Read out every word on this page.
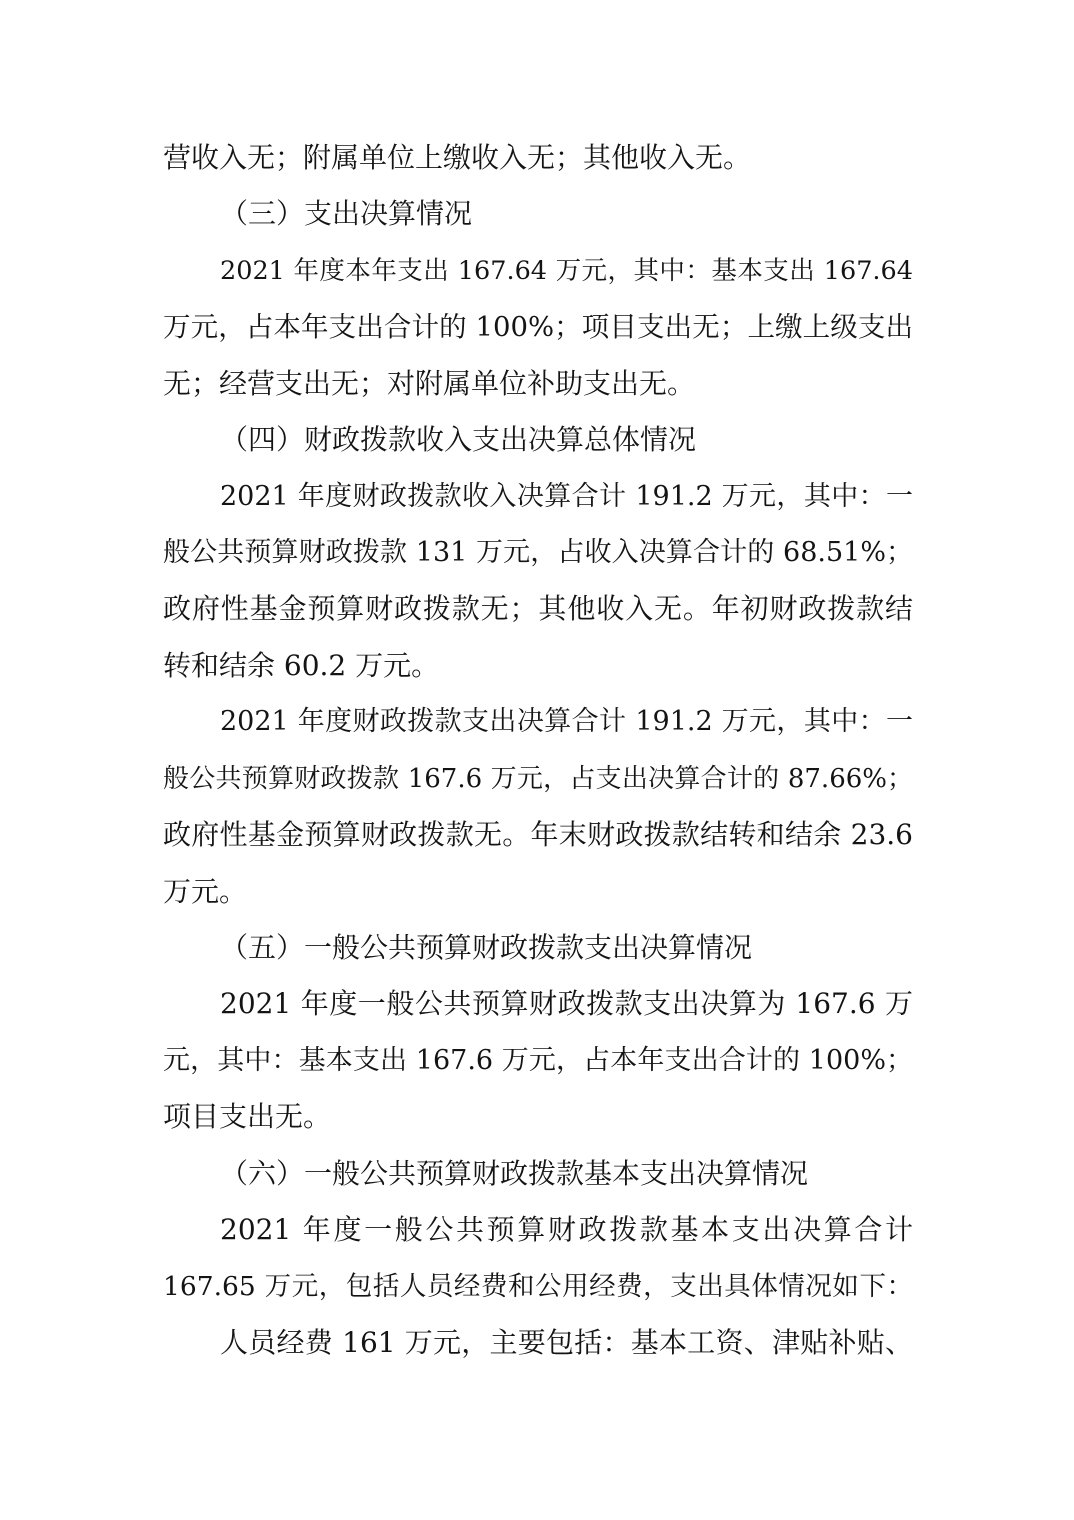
营收入无；附属单位上缴收入无；其他收入无。
（三）支出决算情况
2021 年度本年支出 167.64 万元，其中：基本支出 167.64
万元，占本年支出合计的 100%；项目支出无；上缴上级支出
无；经营支出无；对附属单位补助支出无。
（四）财政拨款收入支出决算总体情况
2021 年度财政拨款收入决算合计 191.2 万元，其中：一
般公共预算财政拨款 131 万元，占收入决算合计的 68.51%；
政府性基金预算财政拨款无；其他收入无。年初财政拨款结
转和结余 60.2 万元。
2021 年度财政拨款支出决算合计 191.2 万元，其中：一
般公共预算财政拨款 167.6 万元，占支出决算合计的 87.66%；
政府性基金预算财政拨款无。年末财政拨款结转和结余 23.6
万元。
（五）一般公共预算财政拨款支出决算情况
2021 年度一般公共预算财政拨款支出决算为 167.6 万
元，其中：基本支出 167.6 万元，占本年支出合计的 100%；
项目支出无。
（六）一般公共预算财政拨款基本支出决算情况
2021 年度一般公共预算财政拨款基本支出决算合计
167.65 万元，包括人员经费和公用经费，支出具体情况如下：
人员经费 161 万元，主要包括：基本工资、津贴补贴、
